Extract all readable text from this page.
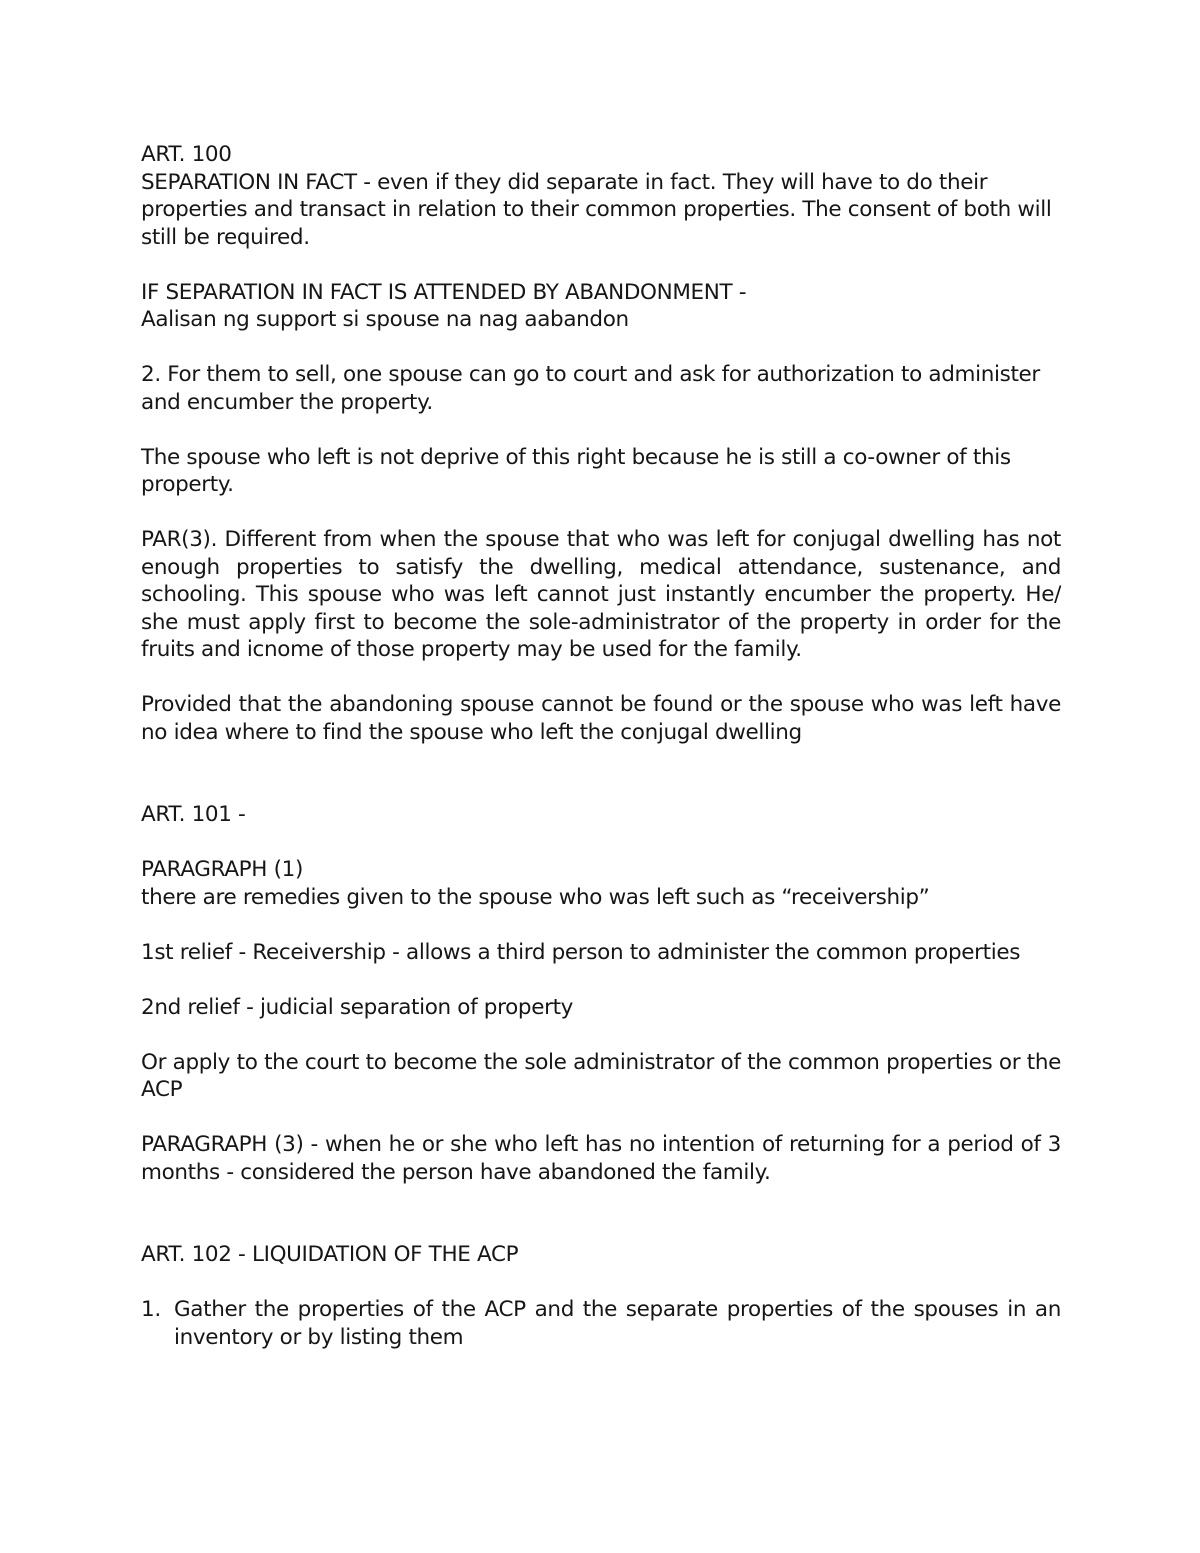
ART. 100
SEPARATION IN FACT - even if they did separate in fact. They will have to do their properties and transact in relation to their common properties. The consent of both will still be required.

IF SEPARATION IN FACT IS ATTENDED BY ABANDONMENT -
Aalisan ng support si spouse na nag aabandon

2. For them to sell, one spouse can go to court and ask for authorization to administer and encumber the property.

The spouse who left is not deprive of this right because he is still a co-owner of this property.

PAR(3). Different from when the spouse that who was left for conjugal dwelling has not enough properties to satisfy the dwelling, medical attendance, sustenance, and schooling. This spouse who was left cannot just instantly encumber the property. He/ she must apply first to become the sole-administrator of the property in order for the fruits and icnome of those property may be used for the family.

Provided that the abandoning spouse cannot be found or the spouse who was left have no idea where to find the spouse who left the conjugal dwelling

ART. 101 -

PARAGRAPH (1)
there are remedies given to the spouse who was left such as “receivership”

1st relief - Receivership - allows a third person to administer the common properties

2nd relief - judicial separation of property

Or apply to the court to become the sole administrator of the common properties or the ACP

PARAGRAPH (3) - when he or she who left has no intention of returning for a period of 3 months - considered the person have abandoned the family.

ART. 102 - LIQUIDATION OF THE ACP

1. Gather the properties of the ACP and the separate properties of the spouses in an inventory or by listing them
